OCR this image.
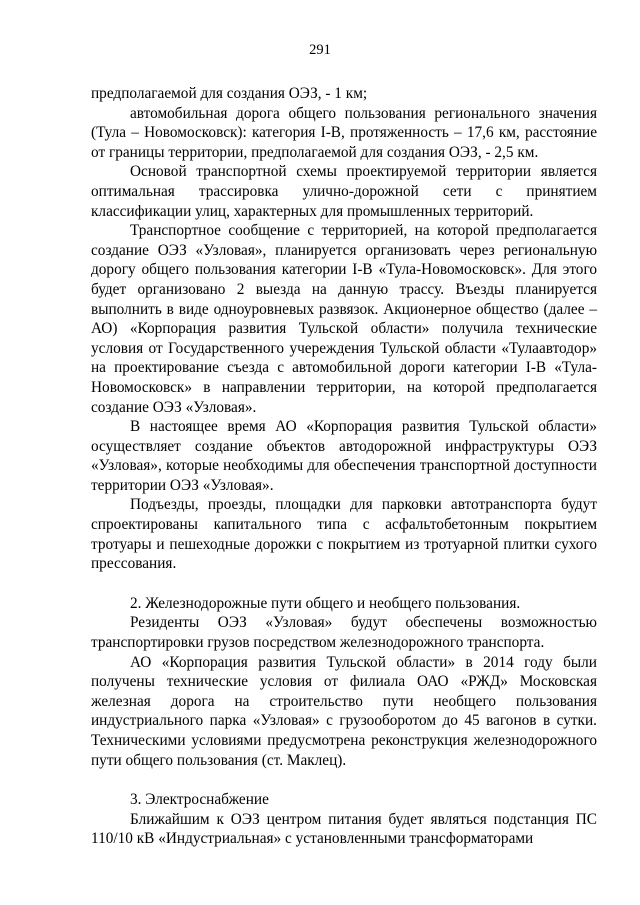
291

предполагаемой для создания ОЭЗ, - 1 км;

автомобильная дорога общего пользования регионального значения (Тула – Новомосковск): категория I-В, протяженность – 17,6 км, расстояние от границы территории, предполагаемой для создания ОЭЗ, - 2,5 км.

Основой транспортной схемы проектируемой территории является оптимальная трассировка улично-дорожной сети с принятием классификации улиц, характерных для промышленных территорий.

Транспортное сообщение с территорией, на которой предполагается создание ОЭЗ «Узловая», планируется организовать через региональную дорогу общего пользования категории I-В «Тула-Новомосковск». Для этого будет организовано 2 выезда на данную трассу. Въезды планируется выполнить в виде одноуровневых развязок. Акционерное общество (далее – АО) «Корпорация развития Тульской области» получила технические условия от Государственного учереждения Тульской области «Тулаавтодор» на проектирование съезда с автомобильной дороги категории I-В «Тула-Новомосковск» в направлении территории, на которой предполагается создание ОЭЗ «Узловая».

В настоящее время АО «Корпорация развития Тульской области» осуществляет создание объектов автодорожной инфраструктуры ОЭЗ «Узловая», которые необходимы для обеспечения транспортной доступности территории ОЭЗ «Узловая».

Подъезды, проезды, площадки для парковки автотранспорта будут спроектированы капитального типа с асфальтобетонным покрытием тротуары и пешеходные дорожки с покрытием из тротуарной плитки сухого прессования.

2. Железнодорожные пути общего и необщего пользования.

Резиденты ОЭЗ «Узловая» будут обеспечены возможностью транспортировки грузов посредством железнодорожного транспорта.

АО «Корпорация развития Тульской области» в 2014 году были получены технические условия от филиала ОАО «РЖД» Московская железная дорога на строительство пути необщего пользования индустриального парка «Узловая» с грузооборотом до 45 вагонов в сутки. Техническими условиями предусмотрена реконструкция железнодорожного пути общего пользования (ст. Маклец).

3. Электроснабжение

Ближайшим к ОЭЗ центром питания будет являться подстанция ПС 110/10 кВ «Индустриальная» с установленными трансформаторами
